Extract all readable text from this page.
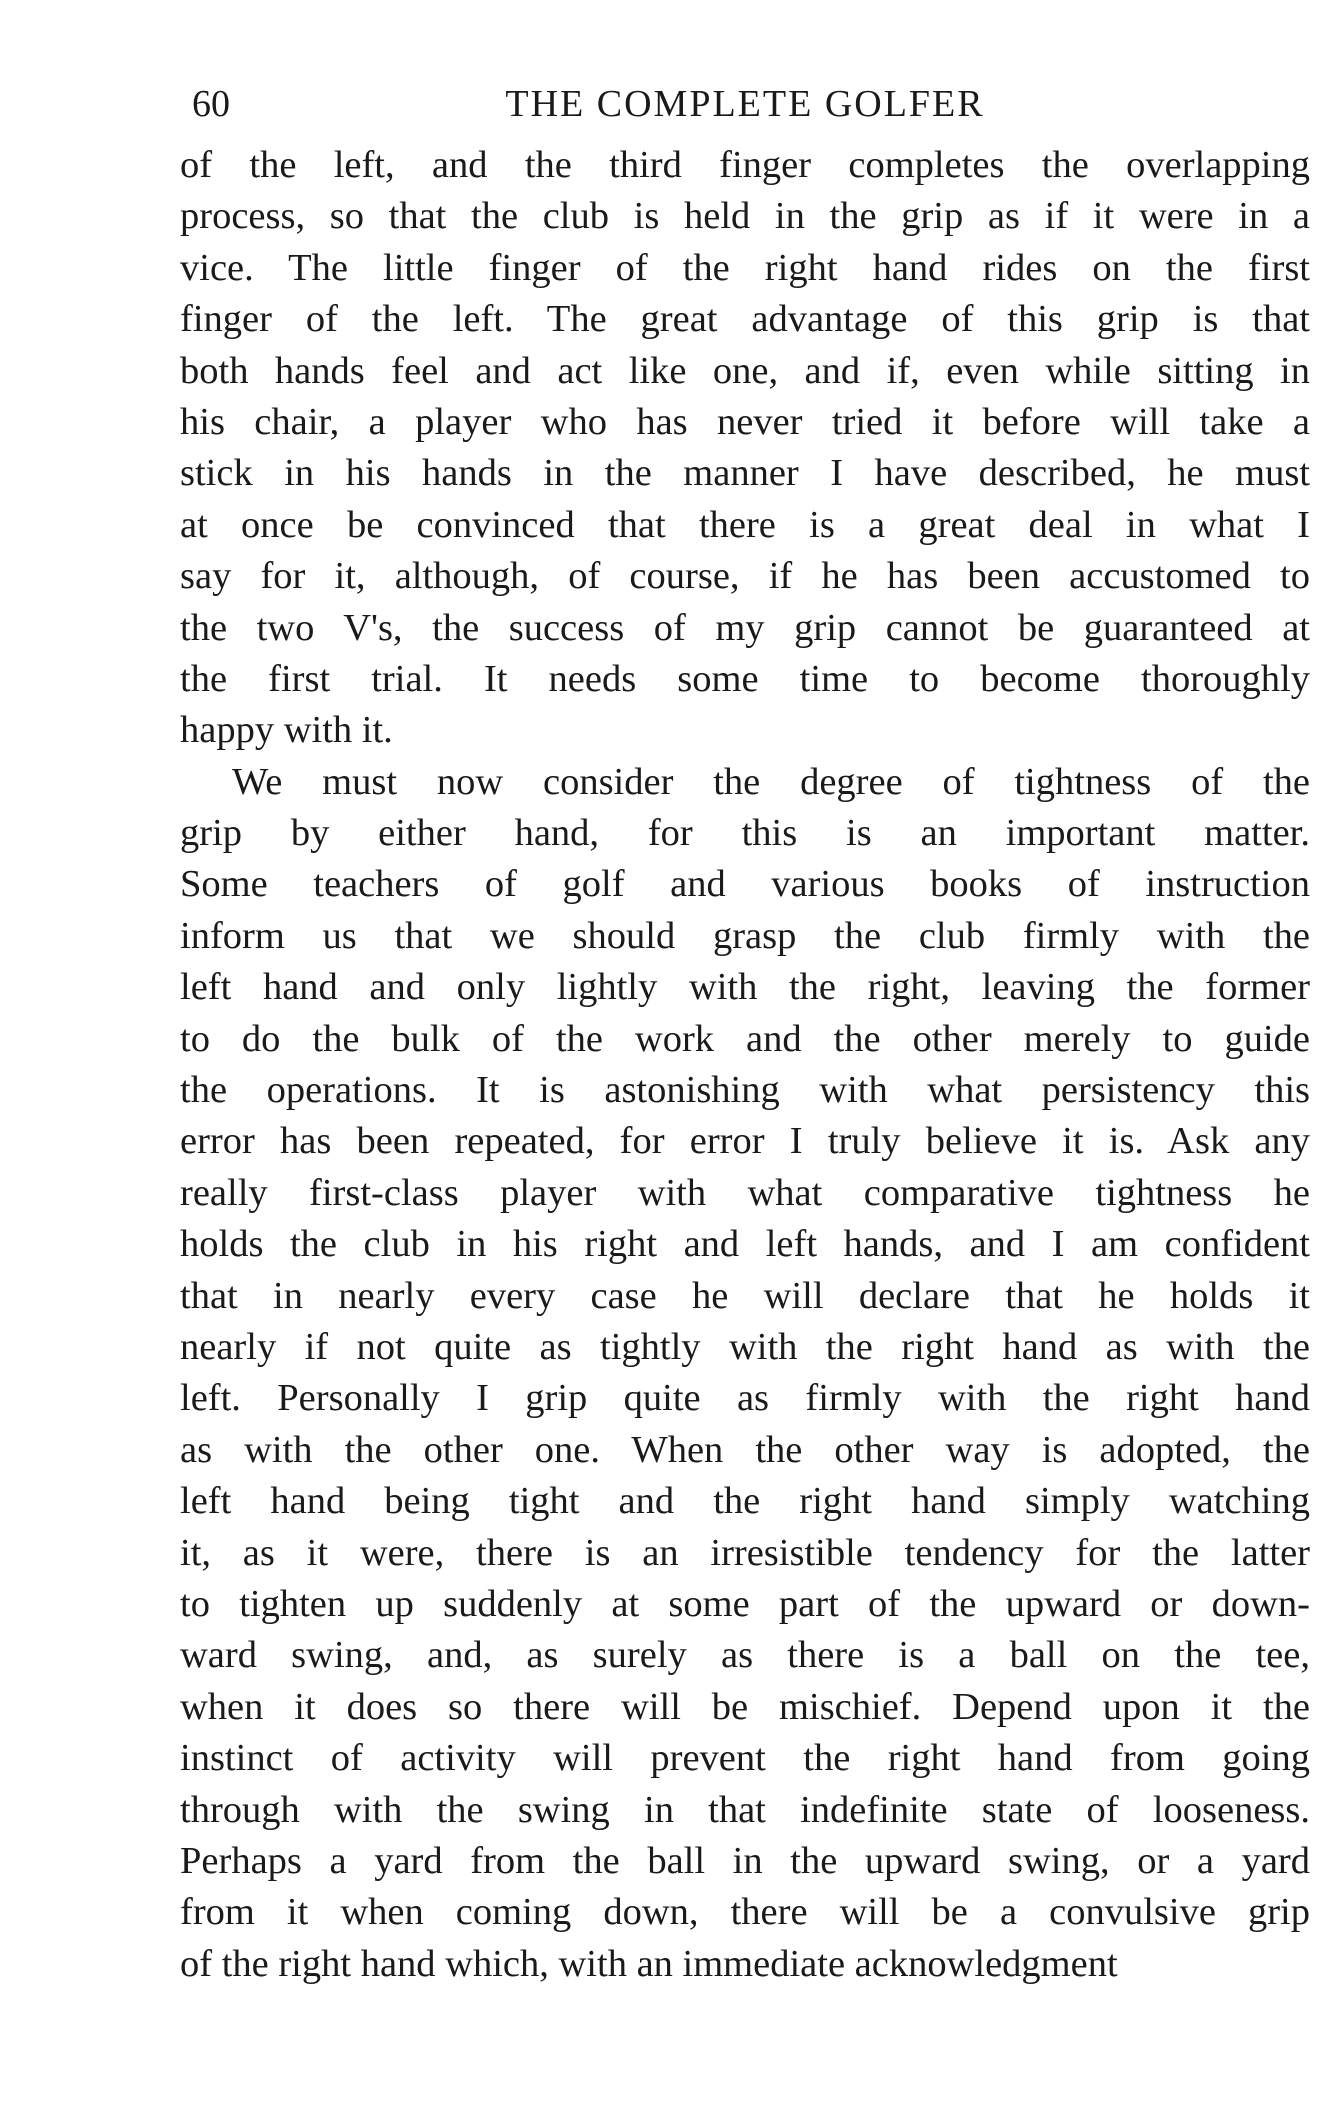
60	THE COMPLETE GOLFER
of the left, and the third finger completes the overlapping
process, so that the club is held in the grip as if it were in a
vice. The little finger of the right hand rides on the first
finger of the left. The great advantage of this grip is that
both hands feel and act like one, and if, even while sitting in
his chair, a player who has never tried it before will take a
stick in his hands in the manner I have described, he must
at once be convinced that there is a great deal in what I
say for it, although, of course, if he has been accustomed to
the two V's, the success of my grip cannot be guaranteed at
the first trial. It needs some time to become thoroughly
happy with it.
We must now consider the degree of tightness of the
grip by either hand, for this is an important matter.
Some teachers of golf and various books of instruction
inform us that we should grasp the club firmly with the
left hand and only lightly with the right, leaving the former
to do the bulk of the work and the other merely to guide
the operations. It is astonishing with what persistency this
error has been repeated, for error I truly believe it is. Ask any
really first-class player with what comparative tightness he
holds the club in his right and left hands, and I am confident
that in nearly every case he will declare that he holds it
nearly if not quite as tightly with the right hand as with the
left. Personally I grip quite as firmly with the right hand
as with the other one. When the other way is adopted, the
left hand being tight and the right hand simply watching
it, as it were, there is an irresistible tendency for the latter
to tighten up suddenly at some part of the upward or down-
ward swing, and, as surely as there is a ball on the tee,
when it does so there will be mischief. Depend upon it the
instinct of activity will prevent the right hand from going
through with the swing in that indefinite state of looseness.
Perhaps a yard from the ball in the upward swing, or a yard
from it when coming down, there will be a convulsive grip
of the right hand which, with an immediate acknowledgment
